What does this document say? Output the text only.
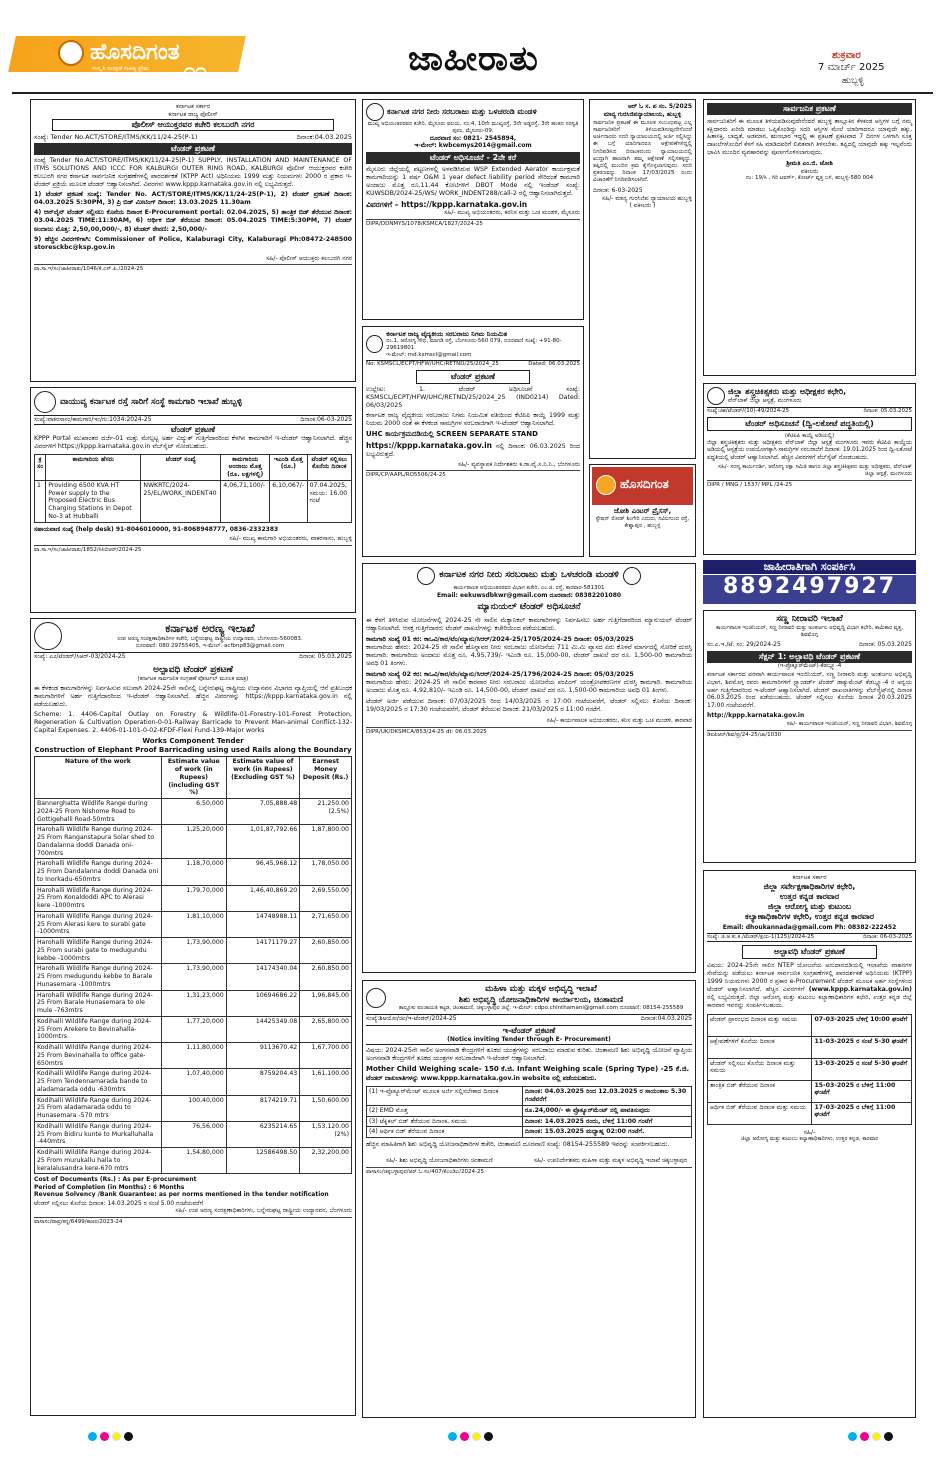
ಹೊಸದಿಗಂತ
೧೧
ಸಂಸ್ಕೃತಿ ಸಂರಕ್ಷಣೆ ಸಾಹಿತ್ಯ ಪ್ರೇಮ	ಜಾಹೀರಾತು	ಶುಕ್ರವಾರ
7 ಮಾರ್ಚ್ 2025
ಹುಬ್ಬಳ್ಳಿ
ಕರ್ನಾಟಕ ಸರ್ಕಾರ
ಕರ್ನಾಟಕ ರಾಜ್ಯ ಪೊಲೀಸ್
ಪೊಲೀಸ್ ಆಯುಕ್ತರವರ ಕಚೇರಿ ಕಲಬುರಗಿ ನಗರ
ಸಂಖ್ಯೆ: Tender No.ACT/STORE/ITMS/KK/11/24-25(P-1)	ದಿನಾಂಕ:04.03.2025
ಟೆಂಡರ್ ಪ್ರಕಟಣೆ
ಸಂಖ್ಯೆ Tender No.ACT/STORE/ITMS/KK/11/24-25(P-1) SUPPLY, INSTALLATION AND MAINTENANCE OF ITMS SOLUTIONS AND ICCC FOR KALBURGI OUTER RING ROAD, KALBURGI ಪೊಲೀಸ್ ಆಯುಕ್ತರವರ ಕಚೇರಿ ಕಲಬುರಗಿ ನಗರ ಕರ್ನಾಟಕ ಸಾರ್ವಜನಿಕ ಸಂಗ್ರಹಣೆಗಳಲ್ಲಿ ಪಾರದರ್ಶಕತೆ (KTPP Act) ಅಧಿನಿಯಮ 1999 ಮತ್ತು ನಿಯಮಗಳು 2000 ರ ಪ್ರಕಾರ ಇ-ಟೆಂಡರ್ ಪ್ರಕ್ರಿಯೆ ಮೂಲಕ ಟೆಂಡರ್ ಆಹ್ವಾನಿಸಲಾಗಿದೆ. ವಿವರಗಳು www.kppp.karnataka.gov.in ನಲ್ಲಿ ಲಭ್ಯವಿರುತ್ತದೆ.
1) ಟೆಂಡರ್ ಪ್ರಕಟಣೆ ಸಂಖ್ಯೆ: Tender No. ACT/STORE/ITMS/KK/11/24-25(P-1), 2) ಟೆಂಡರ್ ಪ್ರಕಟಣೆ ದಿನಾಂಕ: 04.03.2025 5:30PM, 3) ಪ್ರಿ ಬಿಡ್ ಮೀಟಿಂಗ್ ದಿನಾಂಕ: 13.03.2025 11.30am
4) ಆನ್‌ಲೈನ್ ಟೆಂಡರ್ ಸಲ್ಲಿಸಲು ಕೊನೆಯ ದಿನಾಂಕ E-Procurement portal: 02.04.2025, 5) ತಾಂತ್ರಿಕ ಬಿಡ್ ತೆರೆಯುವ ದಿನಾಂಕ: 03.04.2025 TIME:11:30AM, 6) ಆರ್ಥಿಕ ಬಿಡ್ ತೆರೆಯುವ ದಿನಾಂಕ: 05.04.2025 TIME:5:30PM, 7) ಟೆಂಡರ್ ಅಂದಾಜು ಮೊತ್ತ: 2,50,00,000/-, 8) ಟೆಂಡರ್ ಠೇವಣಿ: 2,50,000/-
9) ಹೆಚ್ಚಿನ ವಿವರಗಳಿಗಾಗಿ: Commissioner of Police, Kalaburagi City, Kalaburagi Ph:08472-248500 storesckbc@ksp.gov.in
ಸಹಿ/- ಪೊಲೀಸ್ ಆಯುಕ್ತರು ಕಲಬುರಗಿ ನಗರ
ವಾ.ಸಾ.ಇ/ಸಂ/ಜಾಹೀರಾತು/1046/ಕೆ.ಎಸ್.ಪಿ./2024-25
ವಾಯುವ್ಯ ಕರ್ನಾಟಕ ರಸ್ತೆ ಸಾರಿಗೆ ಸಂಸ್ಥೆ ಕಾಮಗಾರಿ ಇಲಾಖೆ ಹುಬ್ಬಳ್ಳಿ
ಸಂಖ್ಯೆ:ವಾಕರಸಾಸಂ/ಕಾಮಗಾರಿ/ಇಂ/ಗು:1034:2024-25	ದಿನಾಂಕ:06-03-2025
ಟೆಂಡರ್ ಪ್ರಕಟಣೆ
KPPP Portal ಮುಖಾಂತರ ದರ್ಜೆ-01 ಮತ್ತು ಮೇಲ್ಪಟ್ಟ ಅರ್ಹ ವಿದ್ಯುತ್ ಗುತ್ತಿಗೆದಾರರಿಂದ ಕೆಳಗಿನ ಕಾಮಗಾರಿಗೆ ಇ-ಟೆಂಡರ್ ಆಹ್ವಾನಿಸಲಾಗಿದೆ. ಹೆಚ್ಚಿನ ವಿವರಗಳಿಗೆ https://kppp.karnataka.gov.in ವೆಬ್‌ಸೈಟ್ ನೋಡಬಹುದು.
ಕ್ರ ಸಂ	ಕಾಮಗಾರಿಯ ಹೆಸರು	ಟೆಂಡರ್ ಸಂಖ್ಯೆ	ಕಾಮಗಾರಿಯ ಅಂದಾಜು ಮೊತ್ತ (ರೂ. ಲಕ್ಷಗಳಲ್ಲಿ)	ಇಎಂಡಿ ಮೊತ್ತ (ರೂ.)	ಟೆಂಡರ್ ಸಲ್ಲಿಸಲು ಕೊನೆಯ ದಿನಾಂಕ
1	Providing 6500 KVA HT Power supply to the Proposed Electric Bus Charging Stations in Depot No-3 at Hubballi	NWKRTC/2024-25/EL/WORK_INDENT40	4,06,71,100/-	6,10,067/-	07.04.2025, ಸಮಯ: 16.00 ಗಂಟೆ
ಸಹಾಯವಾಣಿ ಸಂಖ್ಯೆ (help desk) 91-8046010000, 91-8068948777, 0836-2332383
ಸಹಿ/- ಮುಖ್ಯ ಕಾಮಗಾರಿ ಅಭಿಯಂತರರು, ವಾಕರಸಾಸಂ, ಹುಬ್ಬಳ್ಳಿ
ವಾ.ಸಾ.ಇ/ಸಂ/ಜಾಹೀರಾತು/1852/ಸಿಸಿಬಿಆರ್/2024-25
ಕರ್ನಾಟಕ ಅರಣ್ಯ ಇಲಾಖೆ
ಉಪ ಅರಣ್ಯ ಸಂರಕ್ಷಣಾಧಿಕಾರಿಗಳ ಕಚೇರಿ, ಬನ್ನೇರುಘಟ್ಟ ರಾಷ್ಟ್ರೀಯ ಉದ್ಯಾನವನ, ಬೆಂಗಳೂರು-560083.
ದೂರವಾಣಿ: 080 29755405, ಇ-ಮೇಲ್: acfbnp83@gmail.com
ಸಂಖ್ಯೆ: ಎ೨/ಟೆಂಡರ್/ಸಿಆರ್-03/2024-25	ದಿನಾಂಕ: 05.03.2025
ಅಲ್ಪಾವಧಿ ಟೆಂಡರ್ ಪ್ರಕಟಣೆ
(ಕರ್ನಾಟಕ ಸಾರ್ವಜನಿಕ ಸಂಗ್ರಹಣೆ ಪೋರ್ಟಲ್ ಮೂಲಕ ಮಾತ್ರ)
ಈ ಕೆಳಕಂಡ ಕಾಮಗಾರಿಗಳನ್ನು ನಿರ್ವಹಿಸುವ ಸಲುವಾಗಿ 2024-25ನೇ ಸಾಲಿನಲ್ಲಿ ಬನ್ನೇರುಘಟ್ಟ ರಾಷ್ಟ್ರೀಯ ಉದ್ಯಾನವನ ವಿಭಾಗದ ವ್ಯಾಪ್ತಿಯಲ್ಲಿ ಆನೆ ಪ್ರತಿಬಂಧಕ ಕಾಮಗಾರಿಗಳಿಗೆ ಅರ್ಹ ಗುತ್ತಿಗೆದಾರರಿಂದ ಇ-ಟೆಂಡರ್ ಆಹ್ವಾನಿಸಲಾಗಿದೆ. ಹೆಚ್ಚಿನ ವಿವರಗಳನ್ನು https://kppp.karnataka.gov.in ನಲ್ಲಿ ಪಡೆಯಬಹುದು.
Scheme: 1. 4406-Capital Outlay on Forestry & Wildlife-01-Forestry-101-Forest Protection, Regeneration & Cultivation Operation-0-01-Railway Barricade to Prevent Man-animal Conflict-132-Capital Expenses. 2. 4406-01-101-0-02-KFDF-Flexi Fund-139-Major works
Works Component Tender
Construction of Elephant Proof Barricading using used Rails along the Boundary
Nature of the work	Estimate value of work (in Rupees) (including GST %)	Estimate value of work (in Rupees) (Excluding GST %)	Earnest Money Deposit (Rs.)
Bannerghatta Wildlife Range during 2024-25 From Nishome Road to Gottigehalli Road-50mtrs	6,50,000	7,05,888.48	21,250.00 (2.5%)
Harohalli Wildlife Range during 2024-25 From Ranganstapura Solar shed to Dandalanna doddi Danada oni-700mtrs	1,25,20,000	1,01,87,792.66	1,87,800.00
Harohalli Wildlife Range during 2024-25 From Dandalanna doddi Danada oni to Inorkadu-650mtrs	1,18,70,000	96,45,968.12	1,78,050.00
Harohalli Wildlife Range during 2024-25 From Konaldoddi APC to Alerasi kere -1000mtrs	1,79,70,000	1,46,40,869.20	2,69,550.00
Harohalli Wildlife Range during 2024-25 From Alerasi kere to surabi gate -1000mtrs	1,81,10,000	14748988.11	2,71,650.00
Harohalli Wildlife Range during 2024-25 From surabi gate to medugundu kebbe -1000mtrs	1,73,90,000	14171179.27	2,60,850.00
Harohalli Wildlife Range during 2024-25 From medugundu kebbe to Barale Hunasemara -1000mtrs	1,73,90,000	14174340.04	2,60,850.00
Harohalli Wildlife Range during 2024-25 From Barale Hunasemara to ole mule -763mtrs	1,31,23,000	10694686.22	1,96,845.00
Kodihalli Wildlife Range during 2024-25 From Arekere to Bevinahalla-1000mtrs	1,77,20,000	14425349.08	2,65,800.00
Kodihalli Wildlife Range during 2024-25 From Bevinahalla to office gate-650mtrs	1,11,80,000	9113670.42	1,67,700.00
Kodihalli Wildlife Range during 2024-25 From Tendennamarada bande to aladamarada oddu -630mtrs	1,07,40,000	8759204.43	1,61,100.00
Kodihalli Wildlife Range during 2024-25 From aladamarada oddu to Hunasemara -570 mtrs	100,40,000	8174219.71	1,50,600.00
Kodihalli Wildlife Range during 2024-25 From Bidiru kunte to Murkalluhalla -440mtrs	76,56,000	6235214.65	1,53,120.00 (2%)
Kodihalli Wildlife Range during 2024-25 From murukallu halla to keralalusandra kere-670 mtrs	1,54,80,000	12586498.50	2,32,200.00
Cost of Documents (Rs.) : As per E-procurement
Period of Completion (in Months) : 6 Months
Revenue Solvency /Bank Guarantee: as per norms mentioned in the tender notification
ಟೆಂಡರ್ ಸಲ್ಲಿಸಲು ಕೊನೆಯ ದಿನಾಂಕ: 14.03.2025 ರ ಸಂಜೆ 5.00 ಗಂಟೆಯವರೆಗೆ
ಸಹಿ/- ಉಪ ಅರಣ್ಯ ಸಂರಕ್ಷಣಾಧಿಕಾರಿಗಳು, ಬನ್ನೇರುಘಟ್ಟ ರಾಷ್ಟ್ರೀಯ ಉದ್ಯಾನವನ, ಬೆಂಗಳೂರು
ವಾಸಾಸಂ/ಪಾವ್ರ/ಕನ್ನ/6499/ಕಾಅರ/2023-24
ಕರ್ನಾಟಕ ನಗರ ನೀರು ಸರಬರಾಜು ಮತ್ತು ಒಳಚರಂಡಿ ಮಂಡಳಿ
ಮುಖ್ಯ ಅಭಿಯಂತರರವರ ಕಚೇರಿ, ಮೈಸೂರು ವಲಯ, ನಂ:4, 10ನೇ ಮುಖ್ಯರಸ್ತೆ, 3ನೇ ಅಡ್ಡರಸ್ತೆ, 3ನೇ ಹಂತದ ಸರಸ್ವತಿ ಪುರಂ, ಮೈಸೂರು-09.
ದೂರವಾಣಿ ಸಂ: 0821- 2545894,
ಇ-ಮೇಲ್: kwbcemys2014@gmail.com
ಟೆಂಡರ್ ಅಧಿಸೂಚನೆ - 2ನೇ ಕರೆ
ಮೈಸೂರು ಜಿಲ್ಲೆಯಲ್ಲಿ ಪಟ್ಟಣಗಳಲ್ಲಿ ಅಳವಡಿಸಿರುವ WSP Extended Aerator ಕಾರ್ಯಕ್ಷಮತೆ ಕಾಮಗಾರಿಯನ್ನು 1 ವರ್ಷ O&M 1 year defect liability period ಸೇರಿದಂತೆ ಕಾಮಗಾರಿ ಅಂದಾಜು ಮೊತ್ತ ರೂ.11.44 ಕೋಟಿಗಳಿಗೆ DBOT Mode ನಲ್ಲಿ ಇಂಡೆಂಟ್ ಸಂಖ್ಯೆ: KUWSDB/2024-25/WS/ WORK_INDENT288/call-2 ರಲ್ಲಿ ಆಹ್ವಾನಿಸಲಾಗಿರುತ್ತದೆ.
ವಿವರಗಳಿಗೆ – https://kppp.karnataka.gov.in
ಸಹಿ/- ಮುಖ್ಯ ಅಭಿಯಂತರರು, ಕರನಿಸ ಮತ್ತು ಒಚ ಮಂಡಳಿ, ಮೈಸೂರು
DIPR/DDNMYS/1078/KSMCA/1827/2024-25
ಕರ್ನಾಟಕ ರಾಜ್ಯ ವೈದ್ಯಕೀಯ ಸರಬರಾಜು ನಿಗಮ ನಿಯಮಿತ
ನಂ.1, ಆರೋಗ್ಯ ಸೌಧ, ಮಾಗಡಿ ರಸ್ತೆ, ಬೆಂಗಳೂರು-560 079, ದೂರವಾಣಿ ಸಂಖ್ಯೆ: +91-80-29619801
ಇ-ಮೇಲ್: md.ksmscl@gmail.com
No: KSMSCL/ECPT/HFW/UHC/RETND/25/2024_25	Dated: 06.03.2025
ಟೆಂಡರ್ ಪ್ರಕಟಣೆ
ಉಲ್ಲೇಖ: 1. ಟೆಂಡರ್ ಅಧಿಸೂಚನೆ ಸಂಖ್ಯೆ: KSMSCL/ECPT/HFW/UHC/RETND/25/2024_25 (IND0214) Dated: 06/03/2025
ಕರ್ನಾಟಕ ರಾಜ್ಯ ವೈದ್ಯಕೀಯ ಸರಬರಾಜು ನಿಗಮ ನಿಯಮಿತ ವತಿಯಿಂದ ಕೆಟಿಪಿಪಿ ಕಾಯ್ದೆ 1999 ಮತ್ತು ನಿಯಮ 2000 ರಂತೆ ಈ ಕೆಳಕಂಡ ಸಾಮಗ್ರಿಗಳ ಸರಬರಾಜಿಗಾಗಿ ಇ-ಟೆಂಡರ್ ಆಹ್ವಾನಿಸಲಾಗಿದೆ.
UHC ಕಾರ್ಯಕ್ರಮದಡಿಯಲ್ಲಿ SCREEN SEPARATE STAND
https://kppp.karnataka.gov.in ನಲ್ಲಿ ದಿನಾಂಕ: 06.03.2025 ರಿಂದ ಲಭ್ಯವಿರುತ್ತದೆ.
ಸಹಿ/- ವ್ಯವಸ್ಥಾಪಕ ನಿರ್ದೇಶಕರು ಕ.ರಾ.ವೈ.ಸ.ನಿ.ನಿ., ಬೆಂಗಳೂರು
DIPR/CP/AAPL/RO5506/24-25
ಆರ್ ಓ ಸ. ಪ ಸಂ. 5/2025
ಮಾನ್ಯ ಗುರಸಿಜಿಪನ್ಯಾಯಾಲಯ, ಹುಬ್ಬಳ್ಳಿ
ಸಾರ್ವಜನಿಕ ಪ್ರಕಟಣೆ ಈ ಮೂಲಕ ಸಂಬಂಧಪಟ್ಟ ಎಲ್ಲ ಸಾರ್ವಜನಿಕರಿಗೆ ತಿಳಿಯಪಡಿಸುವುದೇನೆಂದರೆ ಅರ್ಜಿದಾರರು ಸದರಿ ನ್ಯಾಯಾಲಯದಲ್ಲಿ ಅರ್ಜಿ ಸಲ್ಲಿಸಿದ್ದು ಈ ಬಗ್ಗೆ ಯಾರಿಗಾದರೂ ಆಕ್ಷೇಪಣೆಗಳಿದ್ದಲ್ಲಿ ನಿಗದಿಪಡಿಸಿದ ದಿನಾಂಕದಂದು ನ್ಯಾಯಾಲಯದಲ್ಲಿ ಖುದ್ದಾಗಿ ಹಾಜರಾಗಿ ತಮ್ಮ ಆಕ್ಷೇಪಣೆ ಸಲ್ಲಿಸತಕ್ಕದ್ದು. ತಪ್ಪಿದಲ್ಲಿ ಮುಂದಿನ ಕ್ರಮ ಕೈಗೊಳ್ಳಲಾಗುವುದು. ಸದರಿ ಪ್ರಕರಣವನ್ನು ದಿನಾಂಕ 17/03/2025 ರಂದು ವಿಚಾರಣೆಗೆ ನಿಗದಿಪಡಿಸಲಾಗಿದೆ.
ದಿನಾಂಕ: 6-03-2025
ಸಹಿ/- ಮಾನ್ಯ ಗುರಸಿಜಿಪ ನ್ಯಾಯಾಲಯ ಹುಬ್ಬಳ್ಳಿ
( ವಕೀಲರು )
ಹೊಸದಿಗಂತ
ಜೋಶಿ ಎಂಟರ್ ಪ್ರೈಸಸ್,
ಸ್ಟೇಷನ್ ರೋಡ್ ಶಿಂಗೇರಿ ಎದುರು, ನವಿಲಗುಂದ ರಸ್ತೆ,
ಕೇಶ್ವಾಪುರ , ಹುಬ್ಬಳ್ಳಿ
ಸಾರ್ವಜನಿಕ ಪ್ರಕಟಣೆ
ಸಾರ್ವಜನಿಕರಿಗೆ ಈ ಮೂಲಕ ತಿಳಿಯಪಡಿಸುವುದೇನೆಂದರೆ ಹುಬ್ಬಳ್ಳಿ ತಾಲ್ಲೂಕಿನ ಕೆಳಕಂಡ ಆಸ್ತಿಗಳ ಬಗ್ಗೆ ನಮ್ಮ ಕಕ್ಷಿದಾರರು ಖರೀದಿ ಮಾಡಲು ಒಪ್ಪಿಕೊಂಡಿದ್ದು ಸದರಿ ಆಸ್ತಿಗಳ ಮೇಲೆ ಯಾರಿಗಾದರೂ ಯಾವುದೇ ಹಕ್ಕು, ಹಿತಾಸಕ್ತಿ, ಬಾಧ್ಯತೆ, ಅಡಮಾನ, ಋಣಭಾರ ಇದ್ದಲ್ಲಿ ಈ ಪ್ರಕಟಣೆ ಪ್ರಕಟವಾದ 7 ದಿನಗಳ ಒಳಗಾಗಿ ಸೂಕ್ತ ದಾಖಲೆಗಳೊಂದಿಗೆ ಕೆಳಗೆ ಸಹಿ ಮಾಡಿದವರಿಗೆ ಲಿಖಿತವಾಗಿ ತಿಳಿಸಬೇಕು. ತಪ್ಪಿದಲ್ಲಿ ಯಾವುದೇ ಹಕ್ಕು ಇಲ್ಲವೆಂದು ಭಾವಿಸಿ ಮುಂದಿನ ವ್ಯವಹಾರವನ್ನು ಪೂರ್ಣಗೊಳಿಸಲಾಗುವುದು.
ಶ್ರೀಮತಿ ಎಂ.ಜಿ. ಜೋಶಿ
ವಕೀಲರು
ನಂ: 19/ಸಿ , ಗಿರಿ ಟವರ್ಸ್, ಕೋರ್ಟ್ ವೃತ್ತ ಬಳಿ, ಹುಬ್ಬಳ್ಳಿ-580 004
ಜಿಲ್ಲಾ ಶಸ್ತ್ರಚಿಕಿತ್ಸಕರು ಮತ್ತು ಅಧೀಕ್ಷಕರ ಕಛೇರಿ,
ವೆನ್‌ಲಾಕ್ ಜಿಲ್ಲಾ ಆಸ್ಪತ್ರೆ, ಮಂಗಳೂರು
ಸಂಖ್ಯೆ:ಜಿಶ/ಟೆಂಡರ್/(10)-49/2024-25	ದಿನಾಂಕ: 05.03.2025
ಟೆಂಡರ್ ಅಧಿಸೂಚನೆ (ದ್ವಿ-ಲಕೋಟೆ ಪದ್ಧತಿಯಲ್ಲಿ)
(ಕೆಟಿಪಿಪಿ ಕಾಯ್ದೆ ಅಡಿಯಲ್ಲಿ)
ಜಿಲ್ಲಾ ಶಸ್ತ್ರಚಿಕಿತ್ಸಕರು ಮತ್ತು ಅಧೀಕ್ಷಕರು ವೆನ್‌ಲಾಕ್ ಜಿಲ್ಲಾ ಆಸ್ಪತ್ರೆ ಮಂಗಳೂರು ಇವರು ಕೆಟಿಪಿಪಿ ಕಾಯ್ದೆಯ ಅಡಿಯಲ್ಲಿ ಆಸ್ಪತ್ರೆಯ ಉಪಯೋಗಕ್ಕಾಗಿ ಸಾಮಗ್ರಿಗಳ ಸರಬರಾಜಿಗೆ ದಿನಾಂಕ: 19.01.2025 ರಿಂದ ದ್ವಿ-ಲಕೋಟೆ ಪದ್ಧತಿಯಲ್ಲಿ ಟೆಂಡರ್ ಆಹ್ವಾನಿಸಲಾಗಿದೆ. ಹೆಚ್ಚಿನ ವಿವರಗಳಿಗೆ ವೆಬ್‌ಸೈಟ್ ನೋಡಬಹುದು.
ಸಹಿ/- ಸದಸ್ಯ ಕಾರ್ಯದರ್ಶಿ, ಆರೋಗ್ಯ ರಕ್ಷಾ ಸಮಿತಿ ಹಾಗೂ ಜಿಲ್ಲಾ ಶಸ್ತ್ರಚಿಕಿತ್ಸಕರು ಮತ್ತು ಅಧೀಕ್ಷಕರು, ವೆನ್‌ಲಾಕ್ ಜಿಲ್ಲಾ ಆಸ್ಪತ್ರೆ, ಮಂಗಳೂರು
DIPR / MNG / 1537/ MPL /24-25
ಜಾಹೀರಾತಿಗಾಗಿ ಸಂಪರ್ಕಿಸಿ
8892497927
ಸಣ್ಣ ನೀರಾವರಿ ಇಲಾಖೆ
ಕಾರ್ಯಪಾಲಕ ಇಂಜಿನಿಯರ್, ಸಣ್ಣ ನೀರಾವರಿ ಮತ್ತು ಅಂತರ್ಜಲ ಅಭಿವೃದ್ಧಿ ವಿಭಾಗ ಕಛೇರಿ, ಕಾಮಿಕಾರ ವೃತ್ತ, ಶಿವಮೊಗ್ಗ
ಸಂ.ಎ.ಇ./ಟೆ. ಸಂ: 29/2024-25	ದಿನಾಂಕ: 05.03.2025
ಸೆಕ್ಷನ್ 1: ಅಲ್ಪಾವಧಿ ಟೆಂಡರ್ ಪ್ರಕಟಣೆ
(ಇ-ಪ್ರೊಕ್ಯೂರ್‌ಮೆಂಟ್)-ಕೆಡಬ್ಲ್ಯೂ-4
ಕರ್ನಾಟಕ ಸರ್ಕಾರದ ಪರವಾಗಿ ಕಾರ್ಯಪಾಲಕ ಇಂಜಿನಿಯರ್, ಸಣ್ಣ ನೀರಾವರಿ ಮತ್ತು ಅಂತರ್ಜಲ ಅಭಿವೃದ್ಧಿ ವಿಭಾಗ, ಶಿವಮೊಗ್ಗ ರವರು ಕಾಮಗಾರಿಗಳಿಗೆ ಸ್ಟ್ಯಾಂಡರ್ಡ್ ಟೆಂಡರ್ ಡಾಕ್ಯುಮೆಂಟ್ ಕೆಡಬ್ಲ್ಯೂ-4 ರ ಅನ್ವಯ ಅರ್ಹ ಗುತ್ತಿಗೆದಾರರಿಂದ ಇ-ಟೆಂಡರ್ ಆಹ್ವಾನಿಸಲಾಗಿದೆ. ಟೆಂಡರ್ ದಾಖಲಾತಿಗಳನ್ನು ವೆಬ್‌ಸೈಟ್‌ನಲ್ಲಿ ದಿನಾಂಕ 06.03.2025 ರಿಂದ ಪಡೆಯಬಹುದು. ಟೆಂಡರ್ ಸಲ್ಲಿಸಲು ಕೊನೆಯ ದಿನಾಂಕ 20.03.2025 17:00 ಗಂಟೆಯವರೆಗೆ.
http://kppp.karnataka.gov.in
ಸಹಿ/- ಕಾರ್ಯಪಾಲಕ ಇಂಜಿನಿಯರ್, ಸಣ್ಣ ನೀರಾವರಿ ವಿಭಾಗ, ಶಿವಮೊಗ್ಗ
ಡಿಐಪಿಆರ್/ಶಿವ/ಪ್ರ/24-25/ಜಾ/1030
ಕರ್ನಾಟಕ ಸರ್ಕಾರ
ಜಿಲ್ಲಾ ಸರ್ವೇಕ್ಷಣಾಧಿಕಾರಿಗಳ ಕಛೇರಿ,
ಉತ್ತರ ಕನ್ನಡ ಕಾರವಾರ
ಜಿಲ್ಲಾ ಆರೋಗ್ಯ ಮತ್ತು ಕುಟುಂಬ
ಕಲ್ಯಾಣಾಧಿಕಾರಿಗಳ ಕಛೇರಿ, ಉತ್ತರ ಕನ್ನಡ ಕಾರವಾರ
Email: dhoukannada@gmail.com Ph: 08382-222452
ಸಂಖ್ಯೆ: ಜಿ.ಆ.ಕು.ಕ./ಟೆಂಡರ್/ಕ್ಷಯ-1(125)/2024-25	ದಿನಾಂಕ: 06-03-2025
ಅಲ್ಪಾವಧಿ ಟೆಂಡರ್ ಪ್ರಕಟಣೆ
ವಿಷಯ: 2024-25ನೇ ಸಾಲಿನ NTEP ಯೋಜನೆಯ ಅನುದಾನದಡಿಯಲ್ಲಿ ಇಲಾಖೆಯ ವಾಹನಗಳ ಸೇವೆಯನ್ನು ಪಡೆಯಲು ಕರ್ನಾಟಕ ಸಾರ್ವಜನಿಕ ಸಂಗ್ರಹಣೆಗಳಲ್ಲಿ ಪಾರದರ್ಶಕತೆ ಅಧಿನಿಯಮ (KTPP) 1999 ನಿಯಮಗಳು 2000 ರ ಪ್ರಕಾರ e-Procurement ಟೆಂಡರ್ ಮೂಲಕ ಅರ್ಹ ಸಂಸ್ಥೆಗಳಿಂದ ಟೆಂಡರ್ ಆಹ್ವಾನಿಸಲಾಗಿದೆ. ಹೆಚ್ಚಿನ ವಿವರಗಳಿಗೆ (www.kppp.karnataka.gov.in) ನಲ್ಲಿ ಲಭ್ಯವಿರುತ್ತದೆ. ಜಿಲ್ಲಾ ಆರೋಗ್ಯ ಮತ್ತು ಕುಟುಂಬ ಕಲ್ಯಾಣಾಧಿಕಾರಿಗಳ ಕಛೇರಿ, ಉತ್ತರ ಕನ್ನಡ ಜಿಲ್ಲೆ ಕಾರವಾರ ಇವರನ್ನು ಸಂಪರ್ಕಿಸಬಹುದು.
ಟೆಂಡರ್ ಪ್ರಾರಂಭದ ದಿನಾಂಕ ಮತ್ತು ಸಮಯ	07-03-2025 ಬೆಳಿಗ್ಗೆ 10:00 ಘಂಟೆಗೆ
ಆಕ್ಷೇಪಣೆಗಳಿಗೆ ಕೊನೆಯ ದಿನಾಂಕ	11-03-2025 ರ ಸಂಜೆ 5-30 ಘಂಟೆಗೆ
ಟೆಂಡರ್ ಸಲ್ಲಿಸಲು ಕೊನೆಯ ದಿನಾಂಕ ಮತ್ತು ಸಮಯ	13-03-2025 ರ ಸಂಜೆ 5-30 ಘಂಟೆಗೆ
ತಾಂತ್ರಿಕ ಬಿಡ್ ತೆರೆಯುವ ದಿನಾಂಕ	15-03-2025 ರ ಬೆಳಿಗ್ಗೆ 11:00 ಘಂಟೆಗೆ
ಆರ್ಥಿಕ ಬಿಡ್ ತೆರೆಯುವ ದಿನಾಂಕ ಮತ್ತು ಸಮಯ	17-03-2025 ರ ಬೆಳಿಗ್ಗೆ 11:00 ಘಂಟೆಗೆ
ಸಹಿ/-
ಜಿಲ್ಲಾ ಆರೋಗ್ಯ ಮತ್ತು ಕುಟುಂಬ ಕಲ್ಯಾಣಾಧಿಕಾರಿಗಳು, ಉತ್ತರ ಕನ್ನಡ, ಕಾರವಾರ
ಕರ್ನಾಟಕ ನಗರ ನೀರು ಸರಬರಾಜು ಮತ್ತು ಒಳಚರಂಡಿ ಮಂಡಳಿ
ಕಾರ್ಯಪಾಲಕ ಅಭಿಯಂತರರವರ ವಿಭಾಗ ಕಚೇರಿ, ಎಂ.ಜಿ. ರಸ್ತೆ, ಕಾರವಾರ-581301
Email: eekuwsdbkwr@gmail.com ದೂರವಾಣಿ: 08382201080
ಮ್ಯಾನುಯಲ್ ಟೆಂಡರ್ ಅಧಿಸೂಚನೆ
ಈ ಕೆಳಗೆ ತಿಳಿಸಿರುವ ಯೋಜನೆಗಳಲ್ಲಿ 2024-25 ನೇ ಸಾಲಿನ ಮೆಕ್ಯಾನಿಕಲ್ ಕಾಮಗಾರಿಗಳನ್ನು ನಿರ್ವಹಿಸಲು ಅರ್ಹ ಗುತ್ತಿಗೆದಾರರಿಂದ ಮ್ಯಾನುಯಲ್ ಟೆಂಡರ್ ಆಹ್ವಾನಿಸಲಾಗಿದೆ. ಆಸಕ್ತ ಗುತ್ತಿಗೆದಾರರು ಟೆಂಡರ್ ದಾಖಲೆಗಳನ್ನು ಕಚೇರಿಯಿಂದ ಪಡೆಯಬಹುದು.
ಕಾಮಗಾರಿ ಸಂಖ್ಯೆ 01 ಕರ: ಕಾಒವಿ/ಕಾರ/ಟೆಂ/ಮ್ಯಾನು/ಸಿಆರ್/2024-25/1705/2024-25 ದಿನಾಂಕ: 05/03/2025
ಕಾಮಗಾರಿಯ ಹೆಸರು: 2024-25 ನೇ ಸಾಲಿನ ಹೊನ್ನಾವರ ನೀರು ಸರಬರಾಜು ಯೋಜನೆಯ 711 ಮಿ.ಮಿ ವ್ಯಾಸದ ಏರು ಕೊಳವೆ ಮಾರ್ಗದಲ್ಲಿ ಸೋರಿಕೆ ದುರಸ್ತಿ ಕಾಮಗಾರಿ. ಕಾಮಗಾರಿಯ ಅಂದಾಜು ಮೊತ್ತ ರೂ. 4,95,739/- ಇಎಂಡಿ ರೂ. 15,000-00, ಟೆಂಡರ್ ದಾಖಲೆ ದರ ರೂ. 1,500-00 ಕಾಮಗಾರಿಯ ಅವಧಿ 01 ತಿಂಗಳು.
ಕಾಮಗಾರಿ ಸಂಖ್ಯೆ 02 ಕರ: ಕಾಒವಿ/ಕಾರ/ಟೆಂ/ಮ್ಯಾನು/ಸಿಆರ್/2024-25/1796/2024-25 ದಿನಾಂಕ: 05/03/2025
ಕಾಮಗಾರಿಯ ಹೆಸರು: 2024-25 ನೇ ಸಾಲಿನ ಕಾರವಾರ ನೀರು ಸರಬರಾಜು ಯೋಜನೆಯ ಪಂಪಿಂಗ್ ಯಂತ್ರೋಪಕರಣಗಳ ದುರಸ್ತಿ ಕಾಮಗಾರಿ. ಕಾಮಗಾರಿಯ ಅಂದಾಜು ಮೊತ್ತ ರೂ. 4,92,810/- ಇಎಂಡಿ ರೂ. 14,500-00, ಟೆಂಡರ್ ದಾಖಲೆ ದರ ರೂ. 1,500-00 ಕಾಮಗಾರಿಯ ಅವಧಿ 01 ತಿಂಗಳು.
ಟೆಂಡರ್ ಅರ್ಜಿ ಪಡೆಯುವ ದಿನಾಂಕ: 07/03/2025 ರಿಂದ 14/03/2025 ರ 17:00 ಗಂಟೆಯವರೆಗೆ, ಟೆಂಡರ್ ಸಲ್ಲಿಸಲು ಕೊನೆಯ ದಿನಾಂಕ: 19/03/2025 ರ 17:30 ಗಂಟೆಯವರೆಗೆ, ಟೆಂಡರ್ ತೆರೆಯುವ ದಿನಾಂಕ: 21/03/2025 ರ 11:00 ಗಂಟೆಗೆ.
ಸಹಿ/- ಕಾರ್ಯಪಾಲಕ ಅಭಿಯಂತರರು, ಕನಿಸ ಮತ್ತು ಒಚ ಮಂಡಳಿ, ಕಾರವಾರ
DIPR/UK/DKSMCA/853/24-25 dt: 06.03.2025
ಮಹಿಳಾ ಮತ್ತು ಮಕ್ಕಳ ಅಭಿವೃದ್ಧಿ ಇಲಾಖೆ
ಶಿಶು ಅಭಿವೃದ್ಧಿ ಯೋಜನಾಧಿಕಾರಿಗಳ ಕಾರ್ಯಾಲಯ, ಚಿಂತಾಮಣಿ
ತಾಲ್ಲೂಕು ಪಂಚಾಯತಿ ಕಟ್ಟಡ, ಚಿಂತಾಮಣಿ, ಚಿಕ್ಕಬಳ್ಳಾಪುರ ಜಿಲ್ಲೆ. ಇ-ಮೇಲ್: cdpo.chinthamani@gmail.com ದೂರವಾಣಿ: 08154-255589
ಸಂಖ್ಯೆ:ಶಿಅಯೋ/ಚಿಂ/ಇ-ಟೆಂಡರ್/2024-25	ದಿನಾಂಕ:04.03.2025
ಇ-ಟೆಂಡರ್ ಪ್ರಕಟಣೆ
(Notice inviting Tender through E- Procurement)
ವಿಷಯ: 2024-25ನೇ ಸಾಲಿನ ಅಂಗನವಾಡಿ ಕೇಂದ್ರಗಳಿಗೆ ತೂಕದ ಯಂತ್ರಗಳನ್ನು ಸರಬರಾಜು ಮಾಡುವ ಕುರಿತು. ಚಿಂತಾಮಣಿ ಶಿಶು ಅಭಿವೃದ್ಧಿ ಯೋಜನೆ ವ್ಯಾಪ್ತಿಯ ಅಂಗನವಾಡಿ ಕೇಂದ್ರಗಳಿಗೆ ತೂಕದ ಯಂತ್ರಗಳ ಸರಬರಾಜಿಗಾಗಿ ಇ-ಟೆಂಡರ್ ಆಹ್ವಾನಿಸಲಾಗಿದೆ.
Mother Child Weighing scale- 150 ಕೆ.ಜಿ. Infant Weighing scale (Spring Type) -25 ಕೆ.ಜಿ.
ಟೆಂಡರ್ ದಾಖಲಾತಿಗಳನ್ನು www.kppp.karnataka.gov.in website ನಲ್ಲಿ ಪಡೆಯಬಹುದು.
(1) ಇ-ಪ್ರೊಕ್ಯೂರ್‌ಮೆಂಟ್ ಮೂಲಕ ಅರ್ಜಿ ಸಲ್ಲಿಸಬೇಕಾದ ದಿನಾಂಕ	ದಿನಾಂಕ: 04.03.2025 ರಿಂದ 12.03.2025 ರ ಸಾಯಂಕಾಲ 5.30 ಗಂಟೆವರೆಗೆ
(2) EMD ಮೊತ್ತ	ರೂ.24,000/- ಈ ಪ್ರೊಕ್ಯೂರ್‌ಮೆಂಟ್ ನಲ್ಲಿ ಪಾವತಿಸುವುದು
(3) ಟೆಕ್ನಿಕಲ್ ಬಿಡ್ ತೆರೆಯುವ ದಿನಾಂಕ, ಸಮಯ	ದಿನಾಂಕ: 14.03.2025 ರಂದು, ಬೆಳಿಗ್ಗೆ 11:00 ಗಂಟೆಗೆ
(4) ಆರ್ಥಿಕ ಬಿಡ್ ತೆರೆಯುವ ದಿನಾಂಕ	ದಿನಾಂಕ: 15.03.2025 ಮಧ್ಯಾಹ್ನ 02:00 ಗಂಟೆಗೆ.
ಹೆಚ್ಚಿನ ಮಾಹಿತಿಗಾಗಿ ಶಿಶು ಅಭಿವೃದ್ಧಿ ಯೋಜನಾಧಿಕಾರಿಗಳ ಕಚೇರಿ, ಚಿಂತಾಮಣಿ ದೂರವಾಣಿ ಸಂಖ್ಯೆ: 08154-255589 ಇವರನ್ನು ಸಂಪರ್ಕಿಸಬಹುದು.
ಸಹಿ/- ಶಿಶು ಅಭಿವೃದ್ಧಿ ಯೋಜನಾಧಿಕಾರಿಗಳು ಚಿಂತಾಮಣಿ	ಸಹಿ/- ಉಪನಿರ್ದೇಶಕರು ಮಹಿಳಾ ಮತ್ತು ಮಕ್ಕಳ ಅಭಿವೃದ್ಧಿ ಇಲಾಖೆ ಚಿಕ್ಕಬಳ್ಳಾಪುರ
ವಾಸಾಸಂ/ಚಿಕ್ಕಬಳ್ಳಾಪುರ/ಆರ್.ಓ.ಸಂ/407/ಕೆಎಂಡಿಎ/2024-25
